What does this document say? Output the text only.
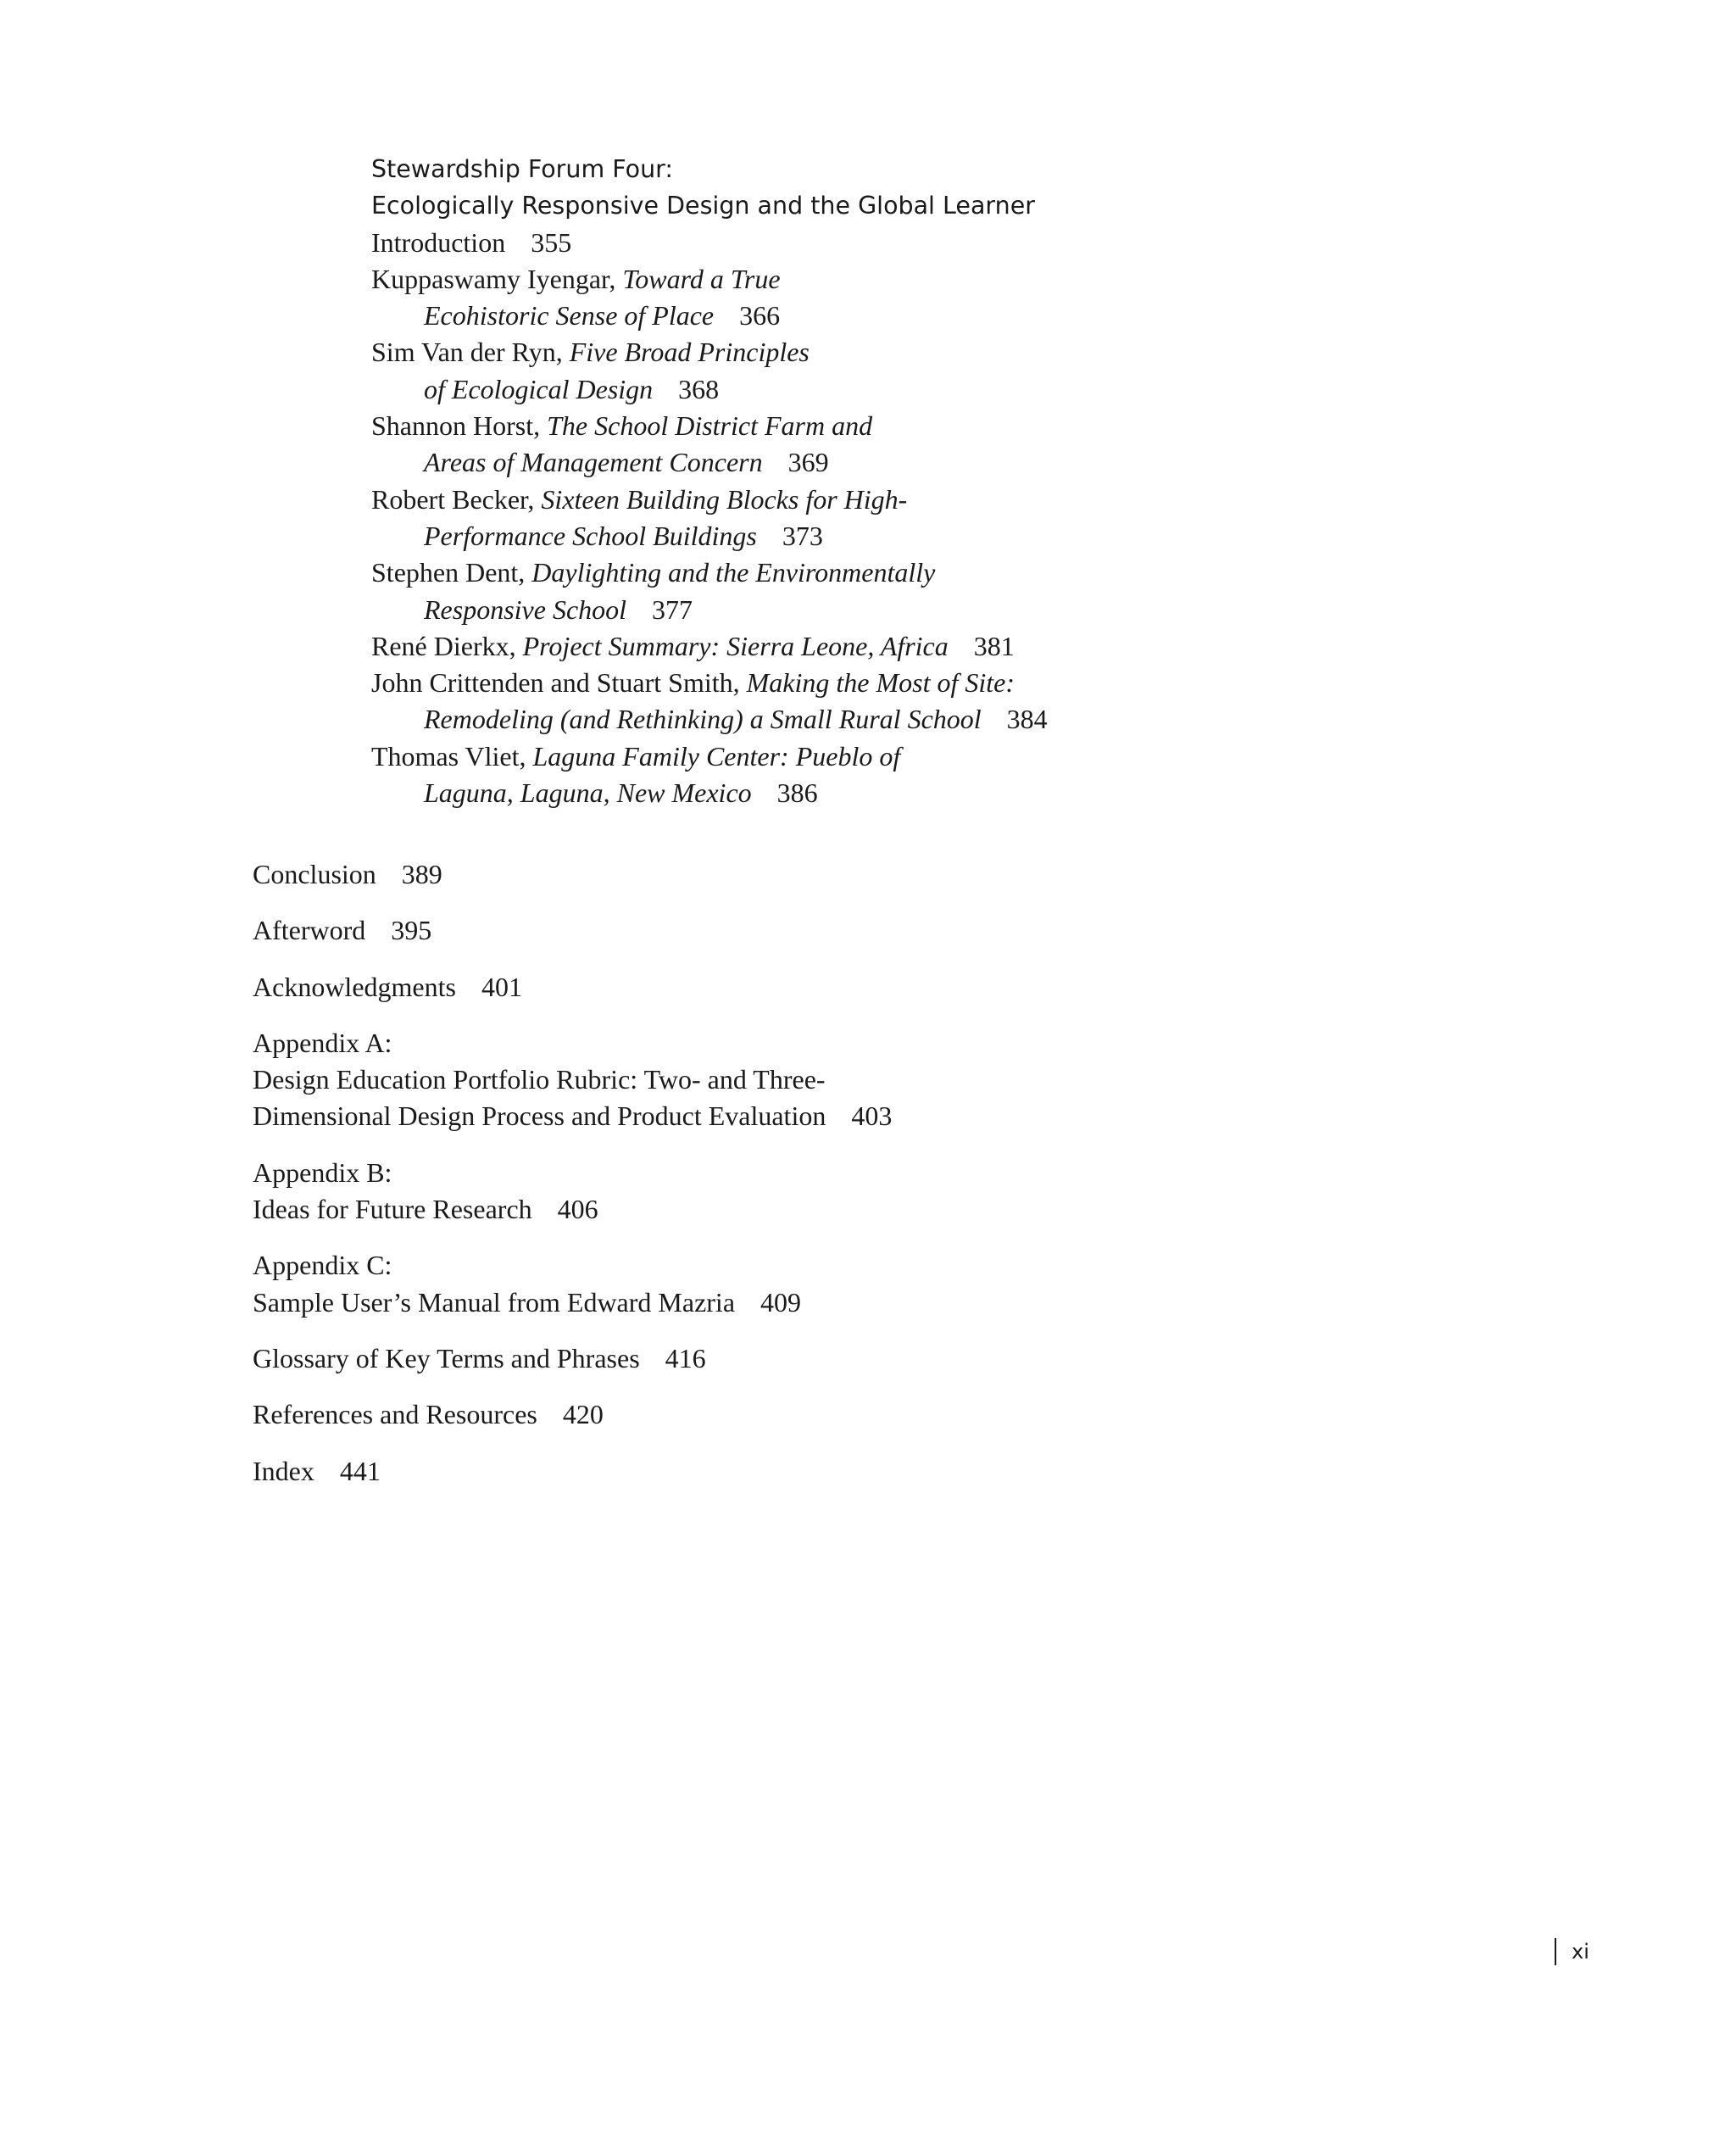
Stewardship Forum Four:
Ecologically Responsive Design and the Global Learner
Introduction 355
Kuppaswamy Iyengar, Toward a True
Ecohistoric Sense of Place 366
Sim Van der Ryn, Five Broad Principles
of Ecological Design 368
Shannon Horst, The School District Farm and
Areas of Management Concern 369
Robert Becker, Sixteen Building Blocks for High-
Performance School Buildings 373
Stephen Dent, Daylighting and the Environmentally
Responsive School 377
René Dierkx, Project Summary: Sierra Leone, Africa 381
John Crittenden and Stuart Smith, Making the Most of Site:
Remodeling (and Rethinking) a Small Rural School 384
Thomas Vliet, Laguna Family Center: Pueblo of
Laguna, Laguna, New Mexico 386
Conclusion 389
Afterword 395
Acknowledgments 401
Appendix A:
Design Education Portfolio Rubric: Two- and Three-
Dimensional Design Process and Product Evaluation 403
Appendix B:
Ideas for Future Research 406
Appendix C:
Sample User’s Manual from Edward Mazria 409
Glossary of Key Terms and Phrases 416
References and Resources 420
Index 441
xi
